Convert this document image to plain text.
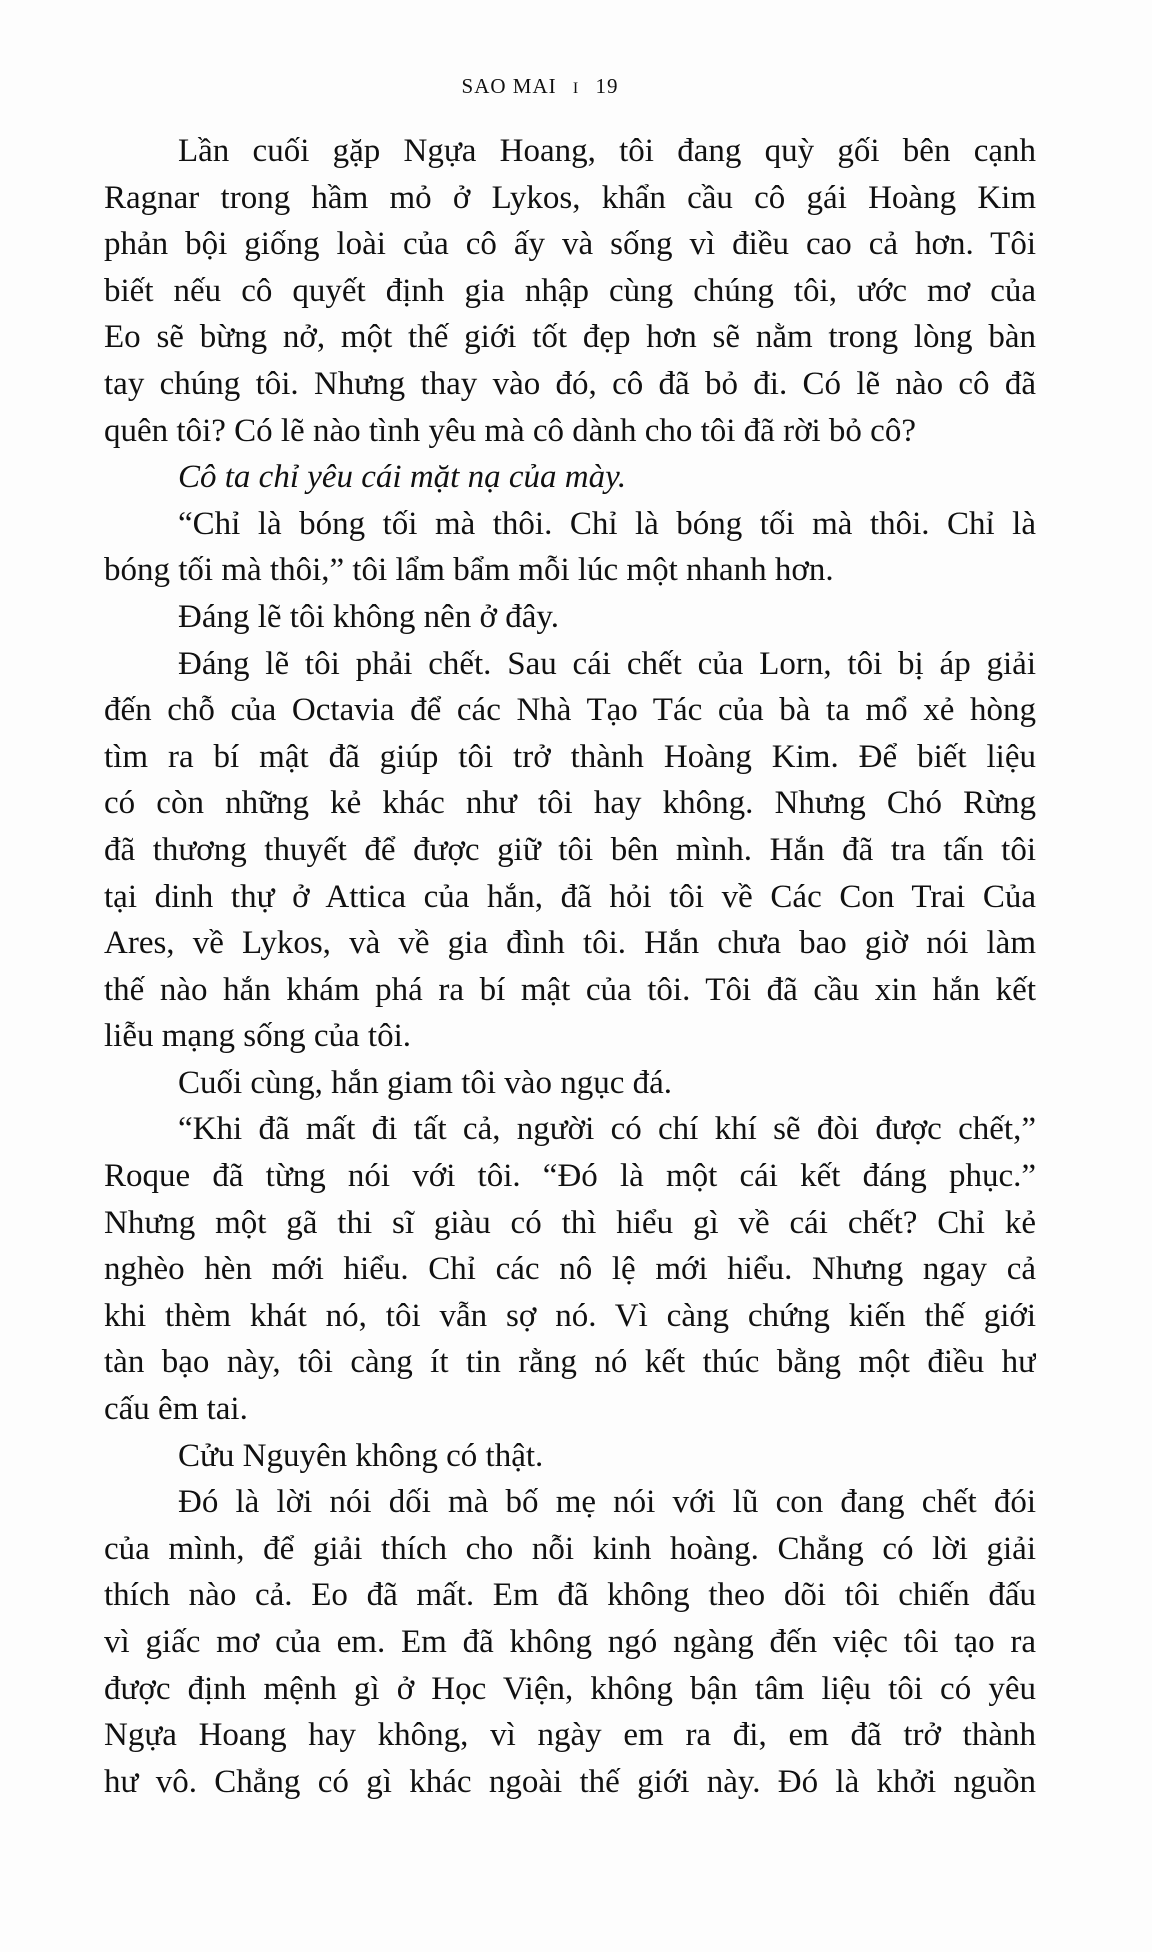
SAO MAI I 19
Lần cuối gặp Ngựa Hoang, tôi đang quỳ gối bên cạnh
Ragnar trong hầm mỏ ở Lykos, khẩn cầu cô gái Hoàng Kim
phản bội giống loài của cô ấy và sống vì điều cao cả hơn. Tôi
biết nếu cô quyết định gia nhập cùng chúng tôi, ước mơ của
Eo sẽ bừng nở, một thế giới tốt đẹp hơn sẽ nằm trong lòng bàn
tay chúng tôi. Nhưng thay vào đó, cô đã bỏ đi. Có lẽ nào cô đã
quên tôi? Có lẽ nào tình yêu mà cô dành cho tôi đã rời bỏ cô?
Cô ta chỉ yêu cái mặt nạ của mày.
“Chỉ là bóng tối mà thôi. Chỉ là bóng tối mà thôi. Chỉ là
bóng tối mà thôi,” tôi lẩm bẩm mỗi lúc một nhanh hơn.
Đáng lẽ tôi không nên ở đây.
Đáng lẽ tôi phải chết. Sau cái chết của Lorn, tôi bị áp giải
đến chỗ của Octavia để các Nhà Tạo Tác của bà ta mổ xẻ hòng
tìm ra bí mật đã giúp tôi trở thành Hoàng Kim. Để biết liệu
có còn những kẻ khác như tôi hay không. Nhưng Chó Rừng
đã thương thuyết để được giữ tôi bên mình. Hắn đã tra tấn tôi
tại dinh thự ở Attica của hắn, đã hỏi tôi về Các Con Trai Của
Ares, về Lykos, và về gia đình tôi. Hắn chưa bao giờ nói làm
thế nào hắn khám phá ra bí mật của tôi. Tôi đã cầu xin hắn kết
liễu mạng sống của tôi.
Cuối cùng, hắn giam tôi vào ngục đá.
“Khi đã mất đi tất cả, người có chí khí sẽ đòi được chết,”
Roque đã từng nói với tôi. “Đó là một cái kết đáng phục.”
Nhưng một gã thi sĩ giàu có thì hiểu gì về cái chết? Chỉ kẻ
nghèo hèn mới hiểu. Chỉ các nô lệ mới hiểu. Nhưng ngay cả
khi thèm khát nó, tôi vẫn sợ nó. Vì càng chứng kiến thế giới
tàn bạo này, tôi càng ít tin rằng nó kết thúc bằng một điều hư
cấu êm tai.
Cửu Nguyên không có thật.
Đó là lời nói dối mà bố mẹ nói với lũ con đang chết đói
của mình, để giải thích cho nỗi kinh hoàng. Chẳng có lời giải
thích nào cả. Eo đã mất. Em đã không theo dõi tôi chiến đấu
vì giấc mơ của em. Em đã không ngó ngàng đến việc tôi tạo ra
được định mệnh gì ở Học Viện, không bận tâm liệu tôi có yêu
Ngựa Hoang hay không, vì ngày em ra đi, em đã trở thành
hư vô. Chẳng có gì khác ngoài thế giới này. Đó là khởi nguồn
